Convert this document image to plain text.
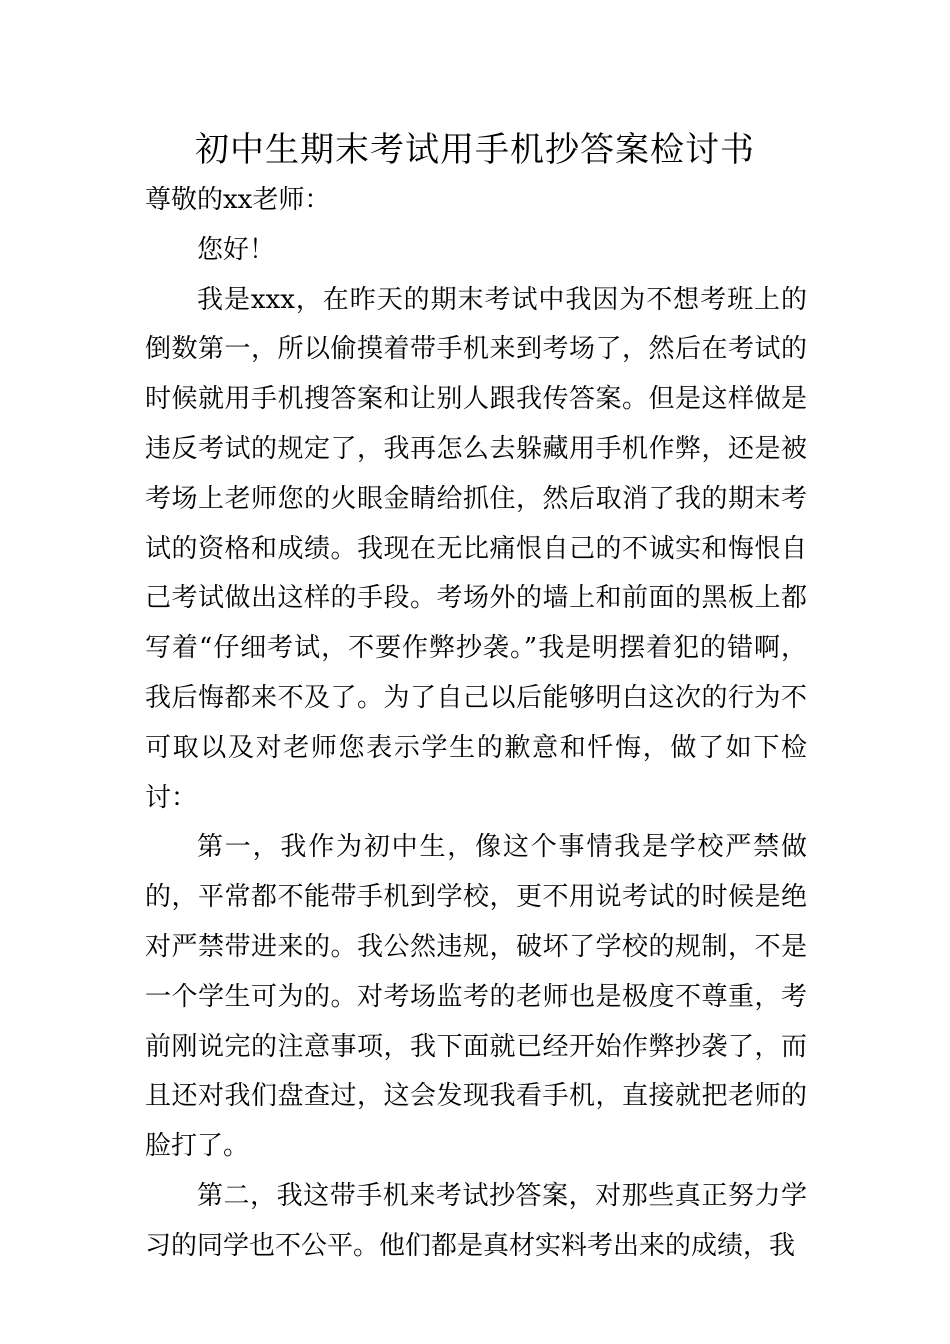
初中生期末考试用手机抄答案检讨书

尊敬的xx老师：

您好！

我是xxx，在昨天的期末考试中我因为不想考班上的倒数第一，所以偷摸着带手机来到考场了，然后在考试的时候就用手机搜答案和让别人跟我传答案。但是这样做是违反考试的规定了，我再怎么去躲藏用手机作弊，还是被考场上老师您的火眼金睛给抓住，然后取消了我的期末考试的资格和成绩。我现在无比痛恨自己的不诚实和悔恨自己考试做出这样的手段。考场外的墙上和前面的黑板上都写着“仔细考试，不要作弊抄袭。”我是明摆着犯的错啊，我后悔都来不及了。为了自己以后能够明白这次的行为不可取以及对老师您表示学生的歉意和忏悔，做了如下检讨：

第一，我作为初中生，像这个事情我是学校严禁做的，平常都不能带手机到学校，更不用说考试的时候是绝对严禁带进来的。我公然违规，破坏了学校的规制，不是一个学生可为的。对考场监考的老师也是极度不尊重，考前刚说完的注意事项，我下面就已经开始作弊抄袭了，而且还对我们盘查过，这会发现我看手机，直接就把老师的脸打了。

第二，我这带手机来考试抄答案，对那些真正努力学习的同学也不公平。他们都是真材实料考出来的成绩，我
